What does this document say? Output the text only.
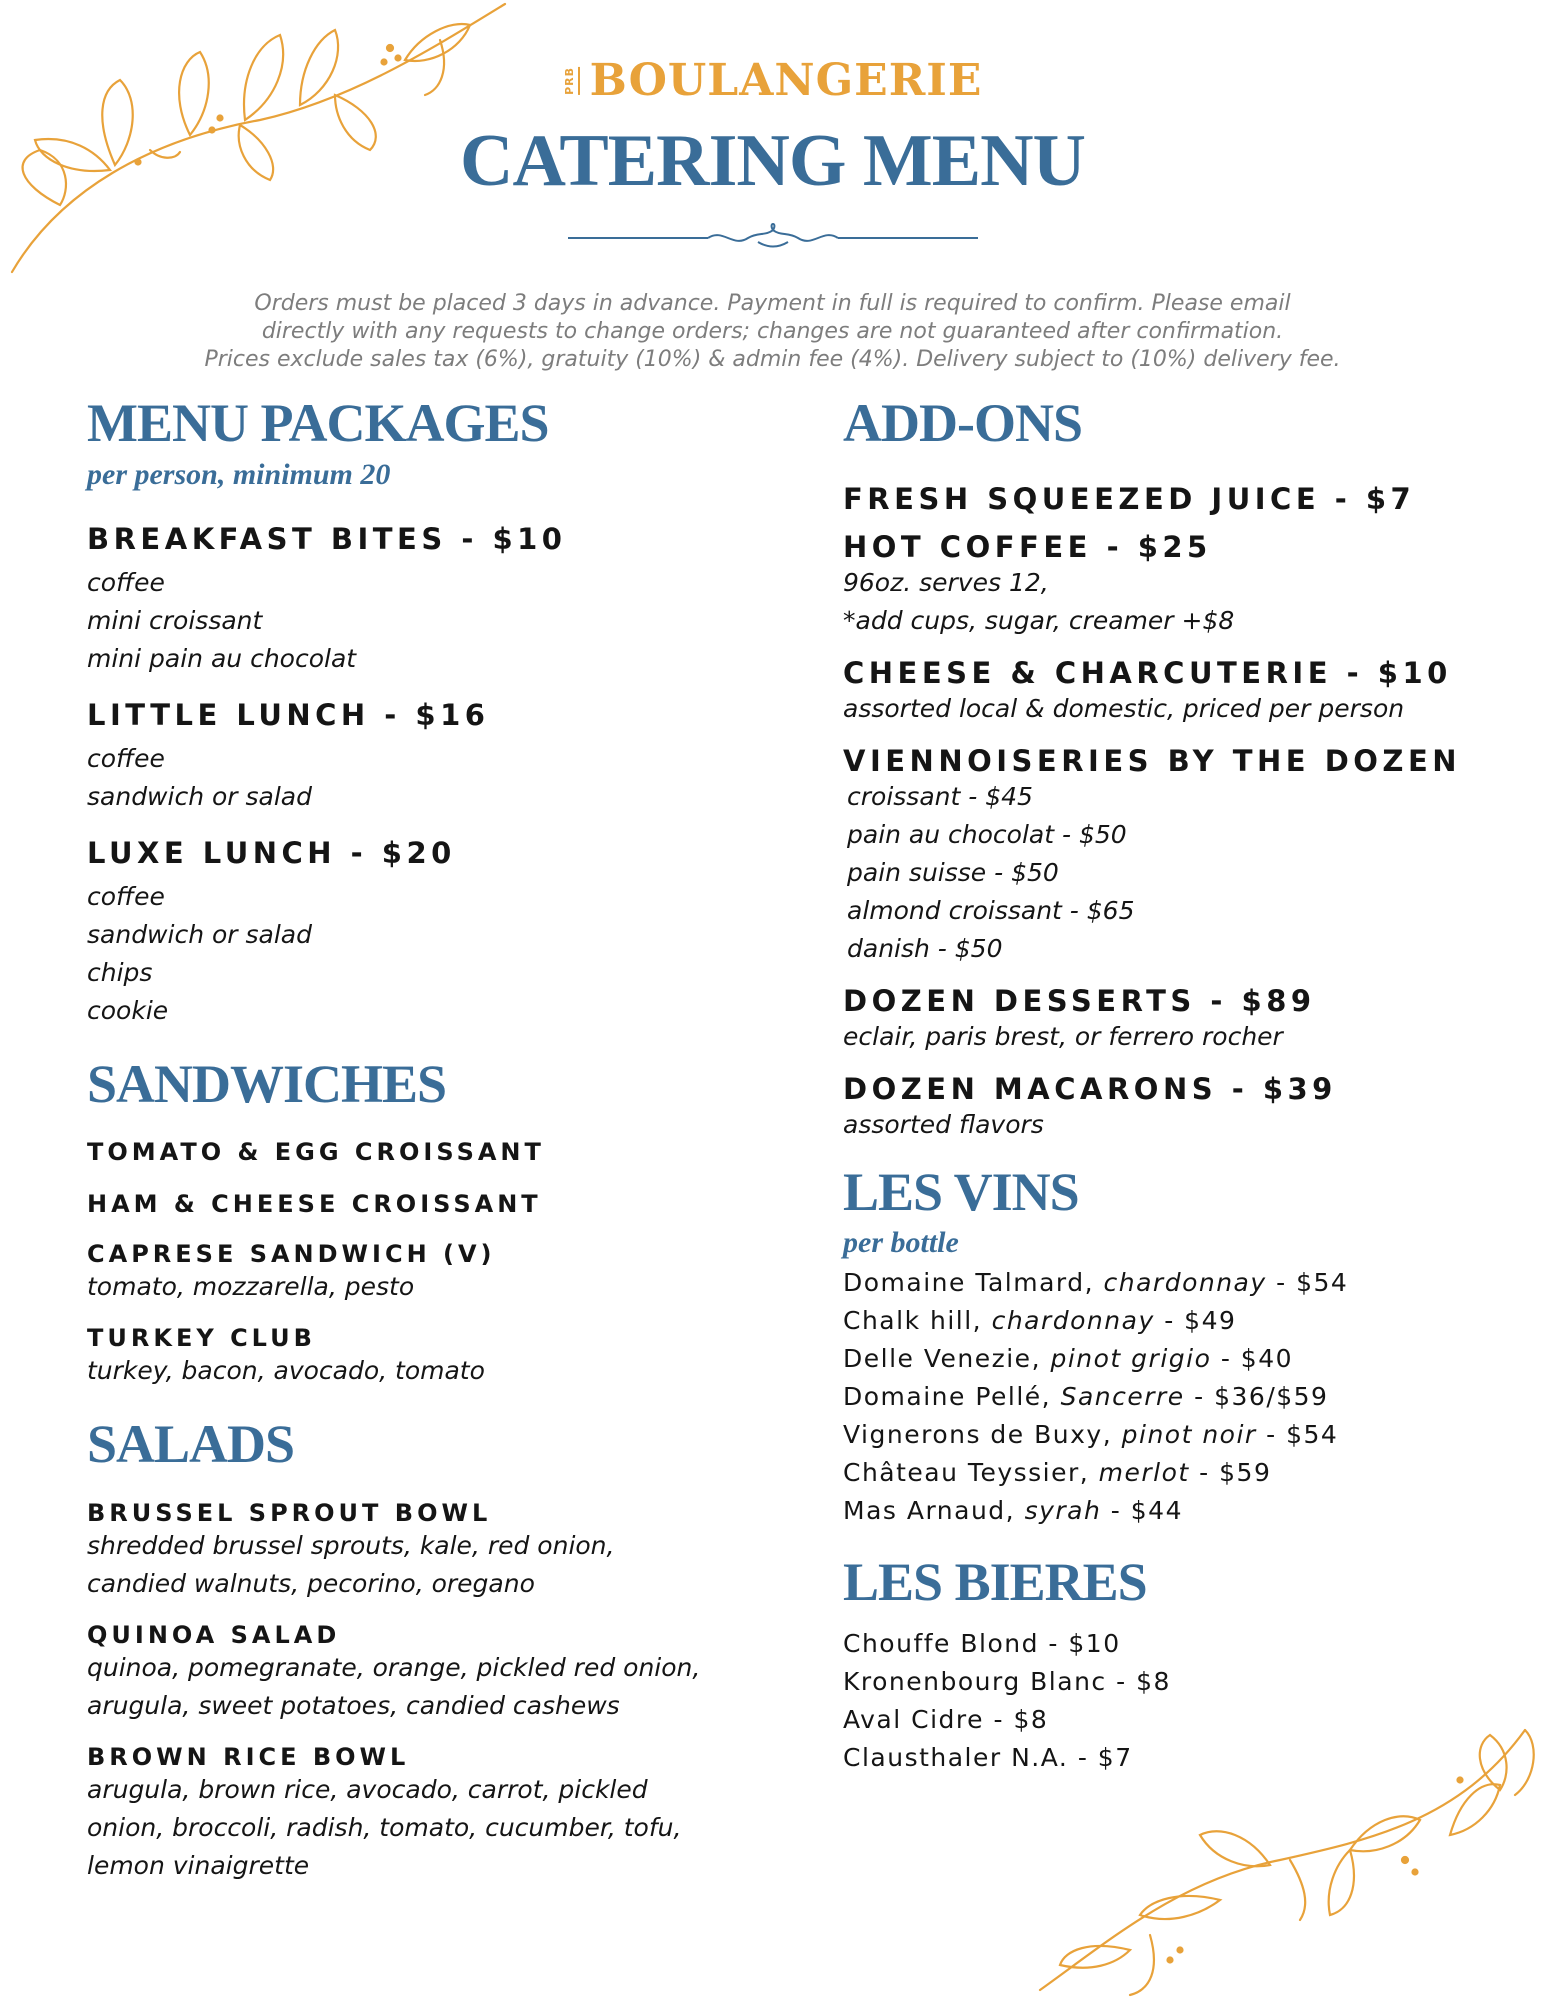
PRB BOULANGERIE
CATERING MENU
Orders must be placed 3 days in advance. Payment in full is required to confirm. Please email
directly with any requests to change orders; changes are not guaranteed after confirmation.
Prices exclude sales tax (6%), gratuity (10%) & admin fee (4%). Delivery subject to (10%) delivery fee.
MENU PACKAGES
per person, minimum 20
BREAKFAST BITES - $10
coffee
mini croissant
mini pain au chocolat
LITTLE LUNCH - $16
coffee
sandwich or salad
LUXE LUNCH - $20
coffee
sandwich or salad
chips
cookie
SANDWICHES
TOMATO & EGG CROISSANT
HAM & CHEESE CROISSANT
CAPRESE SANDWICH (V)
tomato, mozzarella, pesto
TURKEY CLUB
turkey, bacon, avocado, tomato
SALADS
BRUSSEL SPROUT BOWL
shredded brussel sprouts, kale, red onion,
candied walnuts, pecorino, oregano
QUINOA SALAD
quinoa, pomegranate, orange, pickled red onion,
arugula, sweet potatoes, candied cashews
BROWN RICE BOWL
arugula, brown rice, avocado, carrot, pickled
onion, broccoli, radish, tomato, cucumber, tofu,
lemon vinaigrette
ADD-ONS
FRESH SQUEEZED JUICE - $7
HOT COFFEE - $25
96oz. serves 12,
*add cups, sugar, creamer +$8
CHEESE & CHARCUTERIE - $10
assorted local & domestic, priced per person
VIENNOISERIES BY THE DOZEN
croissant - $45
pain au chocolat - $50
pain suisse - $50
almond croissant - $65
danish - $50
DOZEN DESSERTS - $89
eclair, paris brest, or ferrero rocher
DOZEN MACARONS - $39
assorted flavors
LES VINS
per bottle
Domaine Talmard, chardonnay - $54
Chalk hill, chardonnay - $49
Delle Venezie, pinot grigio - $40
Domaine Pellé, Sancerre - $36/$59
Vignerons de Buxy, pinot noir - $54
Château Teyssier, merlot - $59
Mas Arnaud, syrah - $44
LES BIERES
Chouffe Blond - $10
Kronenbourg Blanc - $8
Aval Cidre - $8
Clausthaler N.A. - $7
